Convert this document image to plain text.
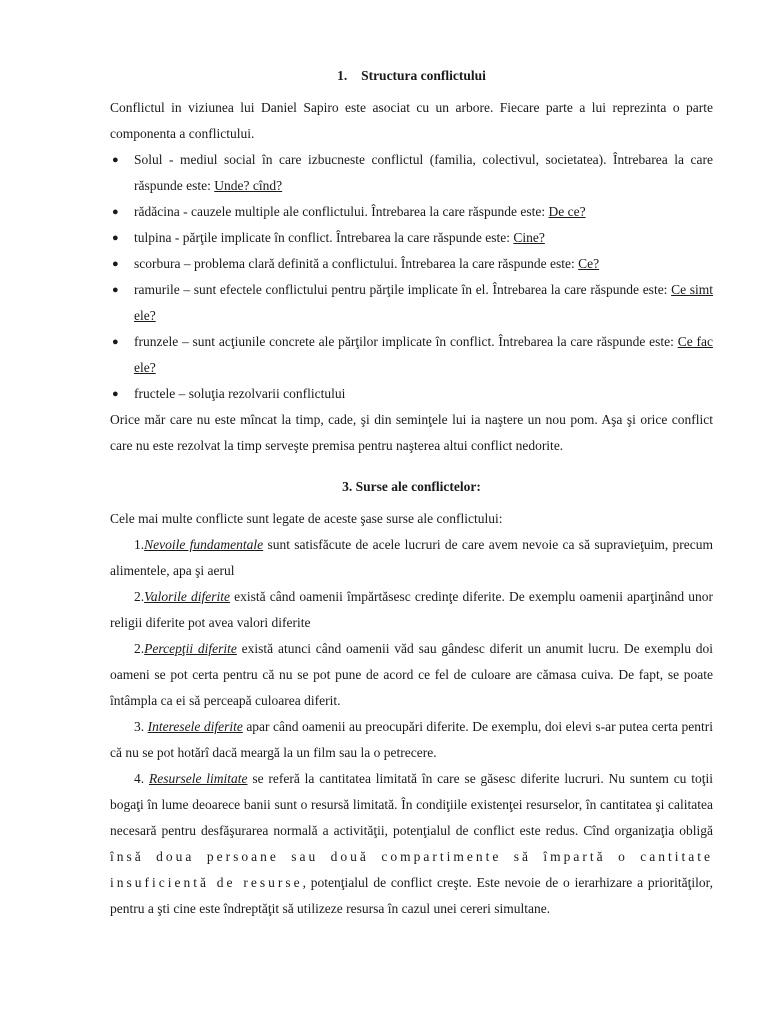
1. Structura conflictului

Conflictul in viziunea lui Daniel Sapiro este asociat cu un arbore. Fiecare parte a lui reprezinta o parte componenta a conflictului.

● Solul - mediul social în care izbucneste conflictul (familia, colectivul, societatea). Întrebarea la care răspunde este: Unde? cînd?
● rădăcina - cauzele multiple ale conflictului. Întrebarea la care răspunde este: De ce?
● tulpina - părţile implicate în conflict. Întrebarea la care răspunde este: Cine?
● scorbura – problema clară definită a conflictului. Întrebarea la care răspunde este: Ce?
● ramurile – sunt efectele conflictului pentru părţile implicate în el. Întrebarea la care răspunde este: Ce simt ele?
● frunzele – sunt acţiunile concrete ale părţilor implicate în conflict. Întrebarea la care răspunde este: Ce fac ele?
● fructele – soluţia rezolvarii conflictului

Orice măr care nu este mîncat la timp, cade, şi din seminţele lui ia naştere un nou pom. Aşa şi orice conflict care nu este rezolvat la timp serveşte premisa pentru naşterea altui conflict nedorite.

3. Surse ale conflictelor:

Cele mai multe conflicte sunt legate de aceste şase surse ale conflictului:

1.Nevoile fundamentale sunt satisfăcute de acele lucruri de care avem nevoie ca să supravieţuim, precum alimentele, apa şi aerul

2.Valorile diferite există când oamenii împărtăsesc credinţe diferite. De exemplu oamenii aparţinând unor religii diferite pot avea valori diferite

2.Percepţii diferite există atunci când oamenii văd sau gândesc diferit un anumit lucru. De exemplu doi oameni se pot certa pentru că nu se pot pune de acord ce fel de culoare are cămasa cuiva. De fapt, se poate întâmpla ca ei să perceapă culoarea diferit.

3. Interesele diferite apar când oamenii au preocupări diferite. De exemplu, doi elevi s-ar putea certa pentri că nu se pot hotărî dacă meargă la un film sau la o petrecere.

4. Resursele limitate se referă la cantitatea limitată în care se găsesc diferite lucruri. Nu suntem cu toţii bogaţi în lume deoarece banii sunt o resursă limitată. În condiţiile existenţei resurselor, în cantitatea şi calitatea necesară pentru desfăşurarea normală a activităţii, potenţialul de conflict este redus. Cînd organizaţia obligă însă doua persoane sau două compartimente să împartă o cantitate insuficientă de resurse, potenţialul de conflict creşte. Este nevoie de o ierarhizare a priorităţilor, pentru a şti cine este îndreptăţit să utilizeze resursa în cazul unei cereri simultane.
